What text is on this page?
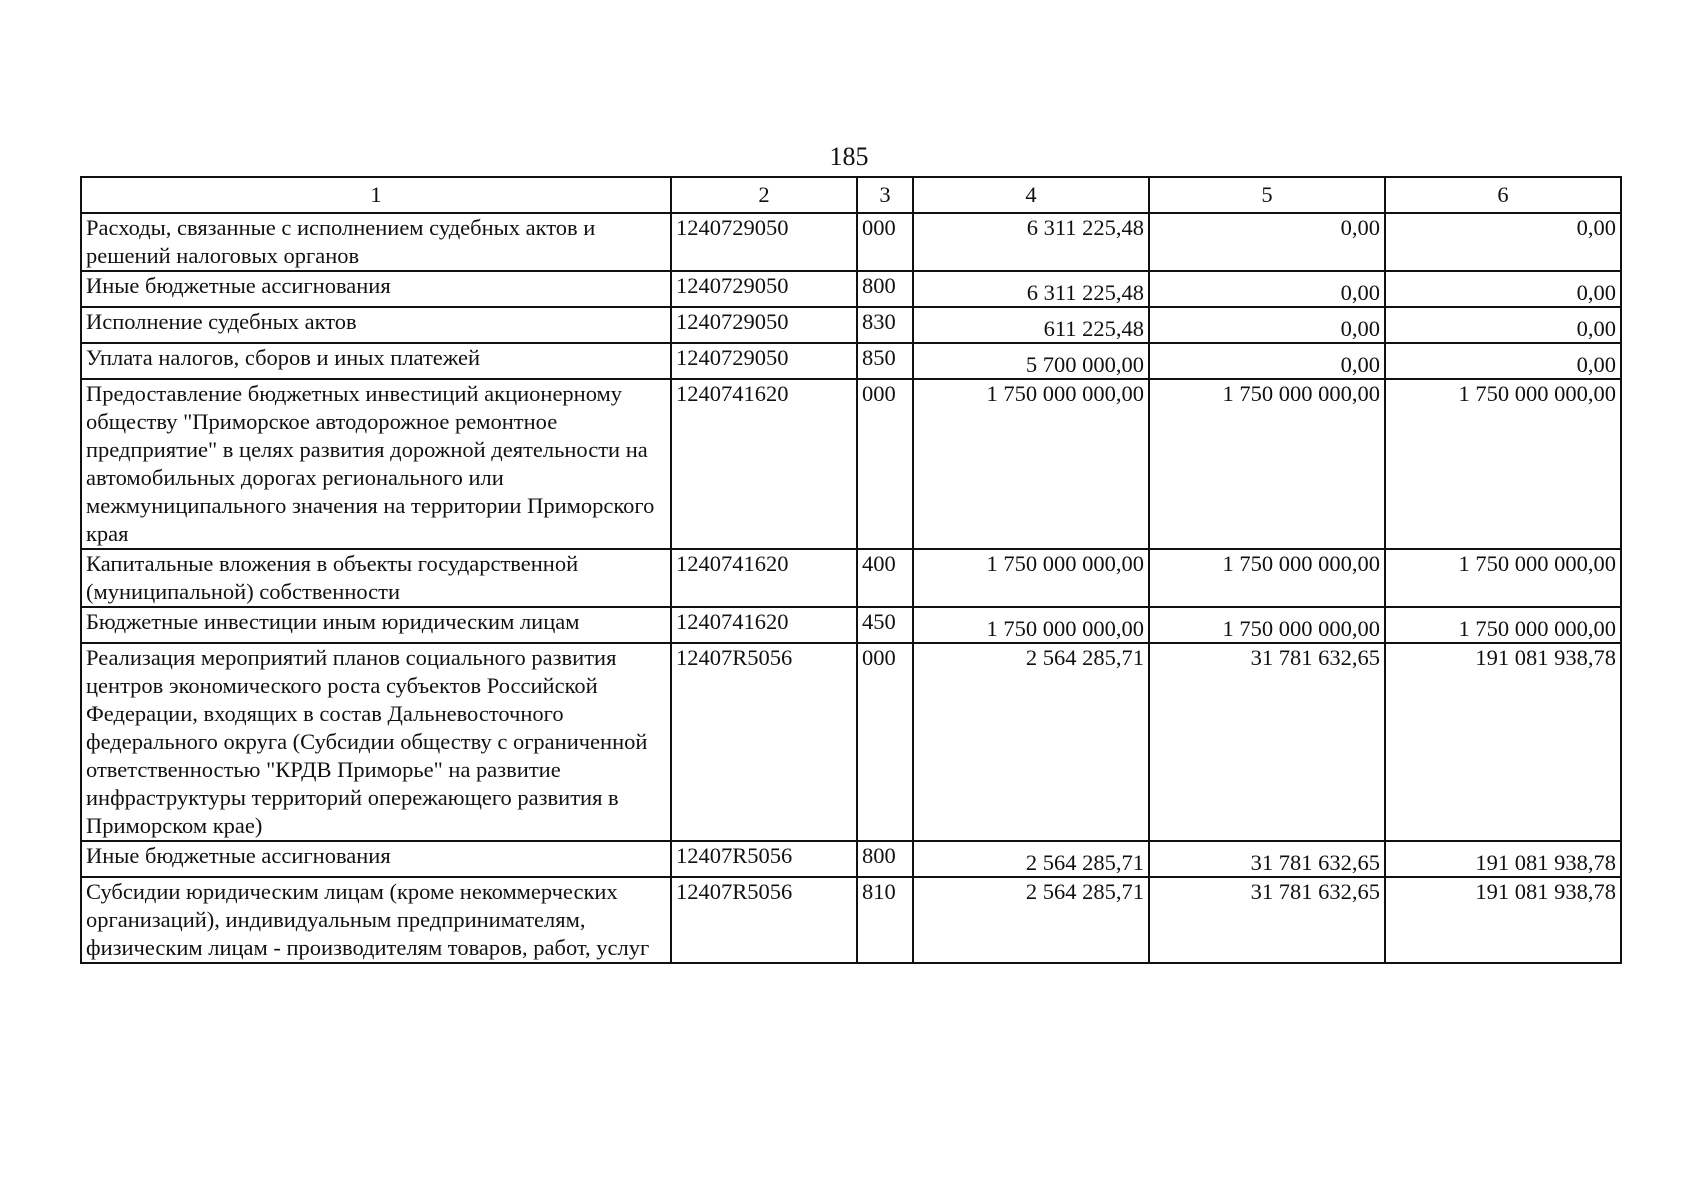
185
1	2	3	4	5	6
Расходы, связанные с исполнением судебных актов и решений налоговых органов	1240729050	000	6 311 225,48	0,00	0,00
Иные бюджетные ассигнования	1240729050	800	6 311 225,48	0,00	0,00
Исполнение судебных актов	1240729050	830	611 225,48	0,00	0,00
Уплата налогов, сборов и иных платежей	1240729050	850	5 700 000,00	0,00	0,00
Предоставление бюджетных инвестиций акционерному обществу "Приморское автодорожное ремонтное предприятие" в целях развития дорожной деятельности на автомобильных дорогах регионального или межмуниципального значения на территории Приморского края	1240741620	000	1 750 000 000,00	1 750 000 000,00	1 750 000 000,00
Капитальные вложения в объекты государственной (муниципальной) собственности	1240741620	400	1 750 000 000,00	1 750 000 000,00	1 750 000 000,00
Бюджетные инвестиции иным юридическим лицам	1240741620	450	1 750 000 000,00	1 750 000 000,00	1 750 000 000,00
Реализация мероприятий планов социального развития центров экономического роста субъектов Российской Федерации, входящих в состав Дальневосточного федерального округа (Субсидии обществу с ограниченной ответственностью "КРДВ Приморье" на развитие инфраструктуры территорий опережающего развития в Приморском крае)	12407R5056	000	2 564 285,71	31 781 632,65	191 081 938,78
Иные бюджетные ассигнования	12407R5056	800	2 564 285,71	31 781 632,65	191 081 938,78
Субсидии юридическим лицам (кроме некоммерческих организаций), индивидуальным предпринимателям, физическим лицам - производителям товаров, работ, услуг	12407R5056	810	2 564 285,71	31 781 632,65	191 081 938,78
